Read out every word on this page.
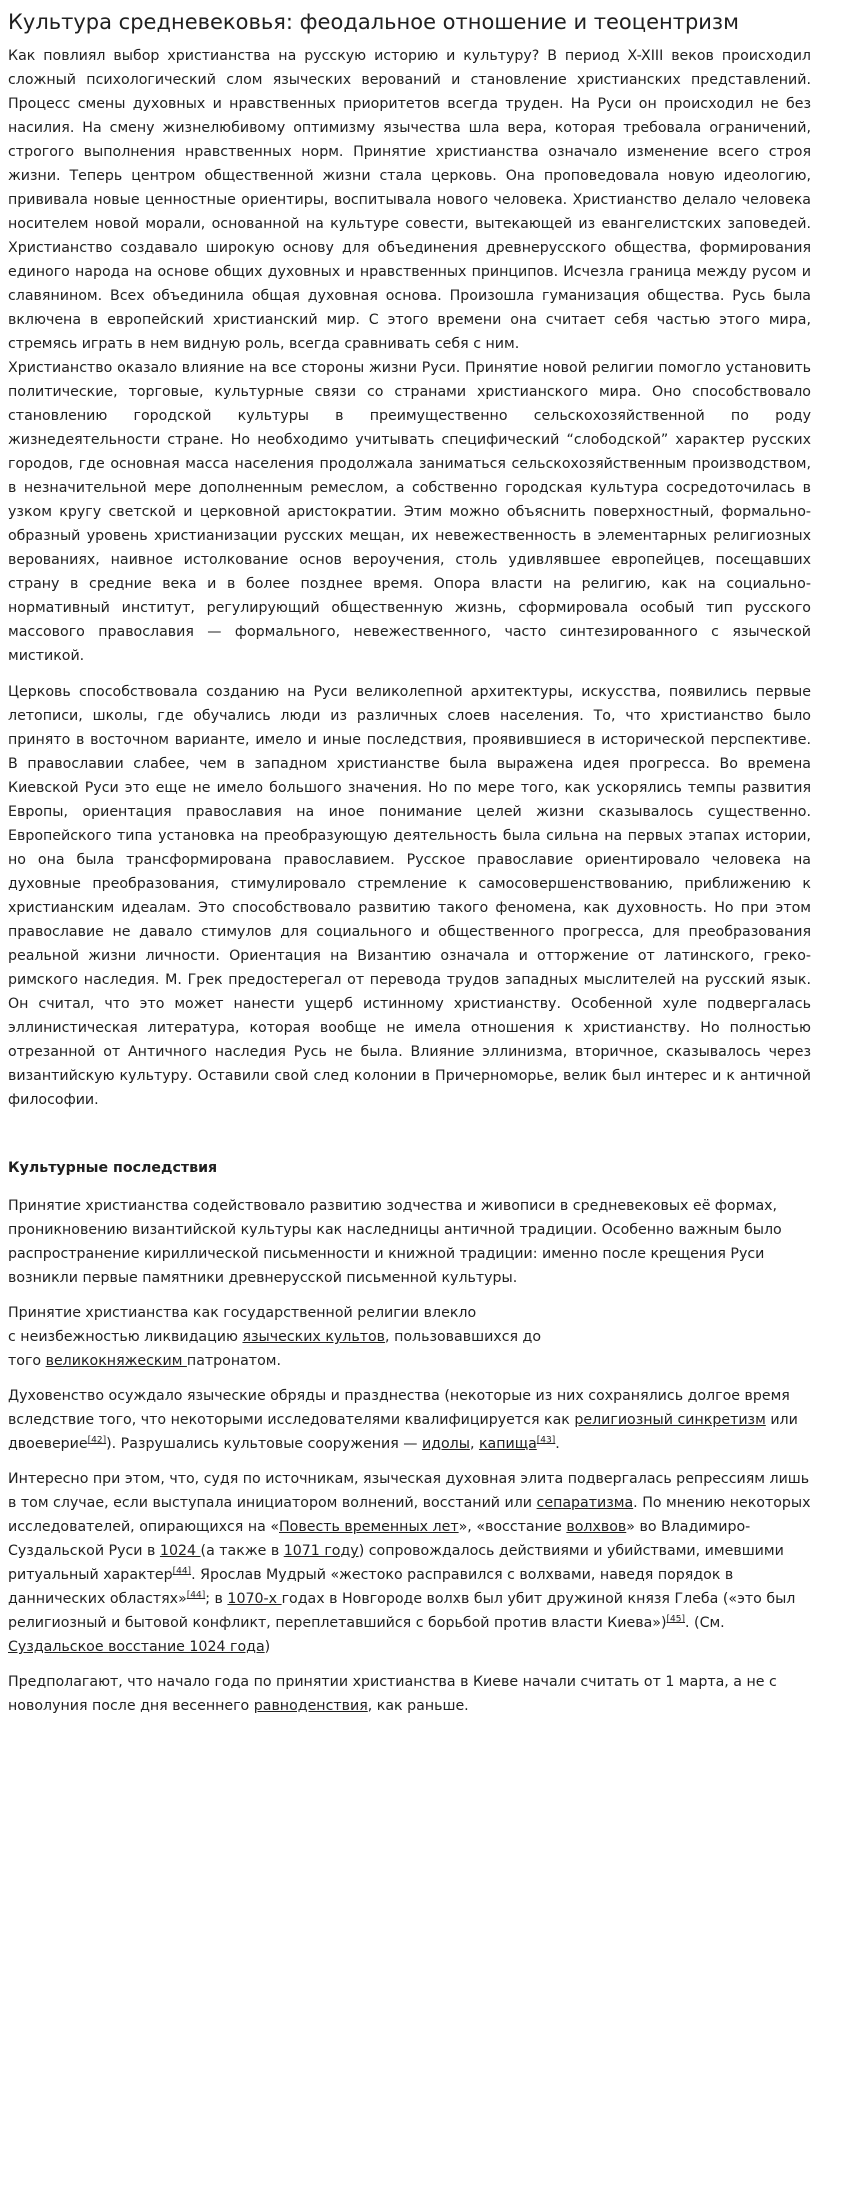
Культура средневековья: феодальное отношение и теоцентризм

Как повлиял выбор христианства на русскую историю и культуру? В период X-XIII веков происходил сложный психологический слом языческих верований и становление христианских представлений. Процесс смены духовных и нравственных приоритетов всегда труден. На Руси он происходил не без насилия. На смену жизнелюбивому оптимизму язычества шла вера, которая требовала ограничений, строгого выполнения нравственных норм. Принятие христианства означало изменение всего строя жизни. Теперь центром общественной жизни стала церковь. Она проповедовала новую идеологию, прививала новые ценностные ориентиры, воспитывала нового человека. Христианство делало человека носителем новой морали, основанной на культуре совести, вытекающей из евангелистских заповедей. Христианство создавало широкую основу для объединения древнерусского общества, формирования единого народа на основе общих духовных и нравственных принципов. Исчезла граница между русом и славянином. Всех объединила общая духовная основа. Произошла гуманизация общества. Русь была включена в европейский христианский мир. С этого времени она считает себя частью этого мира, стремясь играть в нем видную роль, всегда сравнивать себя с ним.

Христианство оказало влияние на все стороны жизни Руси. Принятие новой религии помогло установить политические, торговые, культурные связи со странами христианского мира. Оно способствовало становлению городской культуры в преимущественно сельскохозяйственной по роду жизнедеятельности стране. Но необходимо учитывать специфический “слободской” характер русских городов, где основная масса населения продолжала заниматься сельскохозяйственным производством, в незначительной мере дополненным ремеслом, а собственно городская культура сосредоточилась в узком кругу светской и церковной аристократии. Этим можно объяснить поверхностный, формально-образный уровень христианизации русских мещан, их невежественность в элементарных религиозных верованиях, наивное истолкование основ вероучения, столь удивлявшее европейцев, посещавших страну в средние века и в более позднее время. Опора власти на религию, как на социально-нормативный институт, регулирующий общественную жизнь, сформировала особый тип русского массового православия — формального, невежественного, часто синтезированного с языческой мистикой.

Церковь способствовала созданию на Руси великолепной архитектуры, искусства, появились первые летописи, школы, где обучались люди из различных слоев населения. То, что христианство было принято в восточном варианте, имело и иные последствия, проявившиеся в исторической перспективе. В православии слабее, чем в западном христианстве была выражена идея прогресса. Во времена Киевской Руси это еще не имело большого значения. Но по мере того, как ускорялись темпы развития Европы, ориентация православия на иное понимание целей жизни сказывалось существенно. Европейского типа установка на преобразующую деятельность была сильна на первых этапах истории, но она была трансформирована православием. Русское православие ориентировало человека на духовные преобразования, стимулировало стремление к самосовершенствованию, приближению к христианским идеалам. Это способствовало развитию такого феномена, как духовность. Но при этом православие не давало стимулов для социального и общественного прогресса, для преобразования реальной жизни личности. Ориентация на Византию означала и отторжение от латинского, греко-римского наследия. М. Грек предостерегал от перевода трудов западных мыслителей на русский язык. Он считал, что это может нанести ущерб истинному христианству. Особенной хуле подвергалась эллинистическая литература, которая вообще не имела отношения к христианству. Но полностью отрезанной от Античного наследия Русь не была. Влияние эллинизма, вторичное, сказывалось через византийскую культуру. Оставили свой след колонии в Причерноморье, велик был интерес и к античной философии.

Культурные последствия

Принятие христианства содействовало развитию зодчества и живописи в средневековых её формах, проникновению византийской культуры как наследницы античной традиции. Особенно важным было распространение кириллической письменности и книжной традиции: именно после крещения Руси возникли первые памятники древнерусской письменной культуры.

Принятие христианства как государственной религии влекло
с неизбежностью ликвидацию языческих культов, пользовавшихся до
того великокняжеским патронатом.

Духовенство осуждало языческие обряды и празднества (некоторые из них сохранялись долгое время вследствие того, что некоторыми исследователями квалифицируется как религиозный синкретизм или двоеверие[42]). Разрушались культовые сооружения — идолы, капища[43].

Интересно при этом, что, судя по источникам, языческая духовная элита подвергалась репрессиям лишь в том случае, если выступала инициатором волнений, восстаний или сепаратизма. По мнению некоторых исследователей, опирающихся на «Повесть временных лет», «восстание волхвов» во Владимиро-Суздальской Руси в 1024 (а также в 1071 году) сопровождалось действиями и убийствами, имевшими ритуальный характер[44]. Ярослав Мудрый «жестоко расправился с волхвами, наведя порядок в даннических областях»[44]; в 1070-х годах в Новгороде волхв был убит дружиной князя Глеба («это был религиозный и бытовой конфликт, переплетавшийся с борьбой против власти Киева»)[45]. (См. Суздальское восстание 1024 года)

Предполагают, что начало года по принятии христианства в Киеве начали считать от 1 марта, а не с новолуния после дня весеннего равноденствия, как раньше.
